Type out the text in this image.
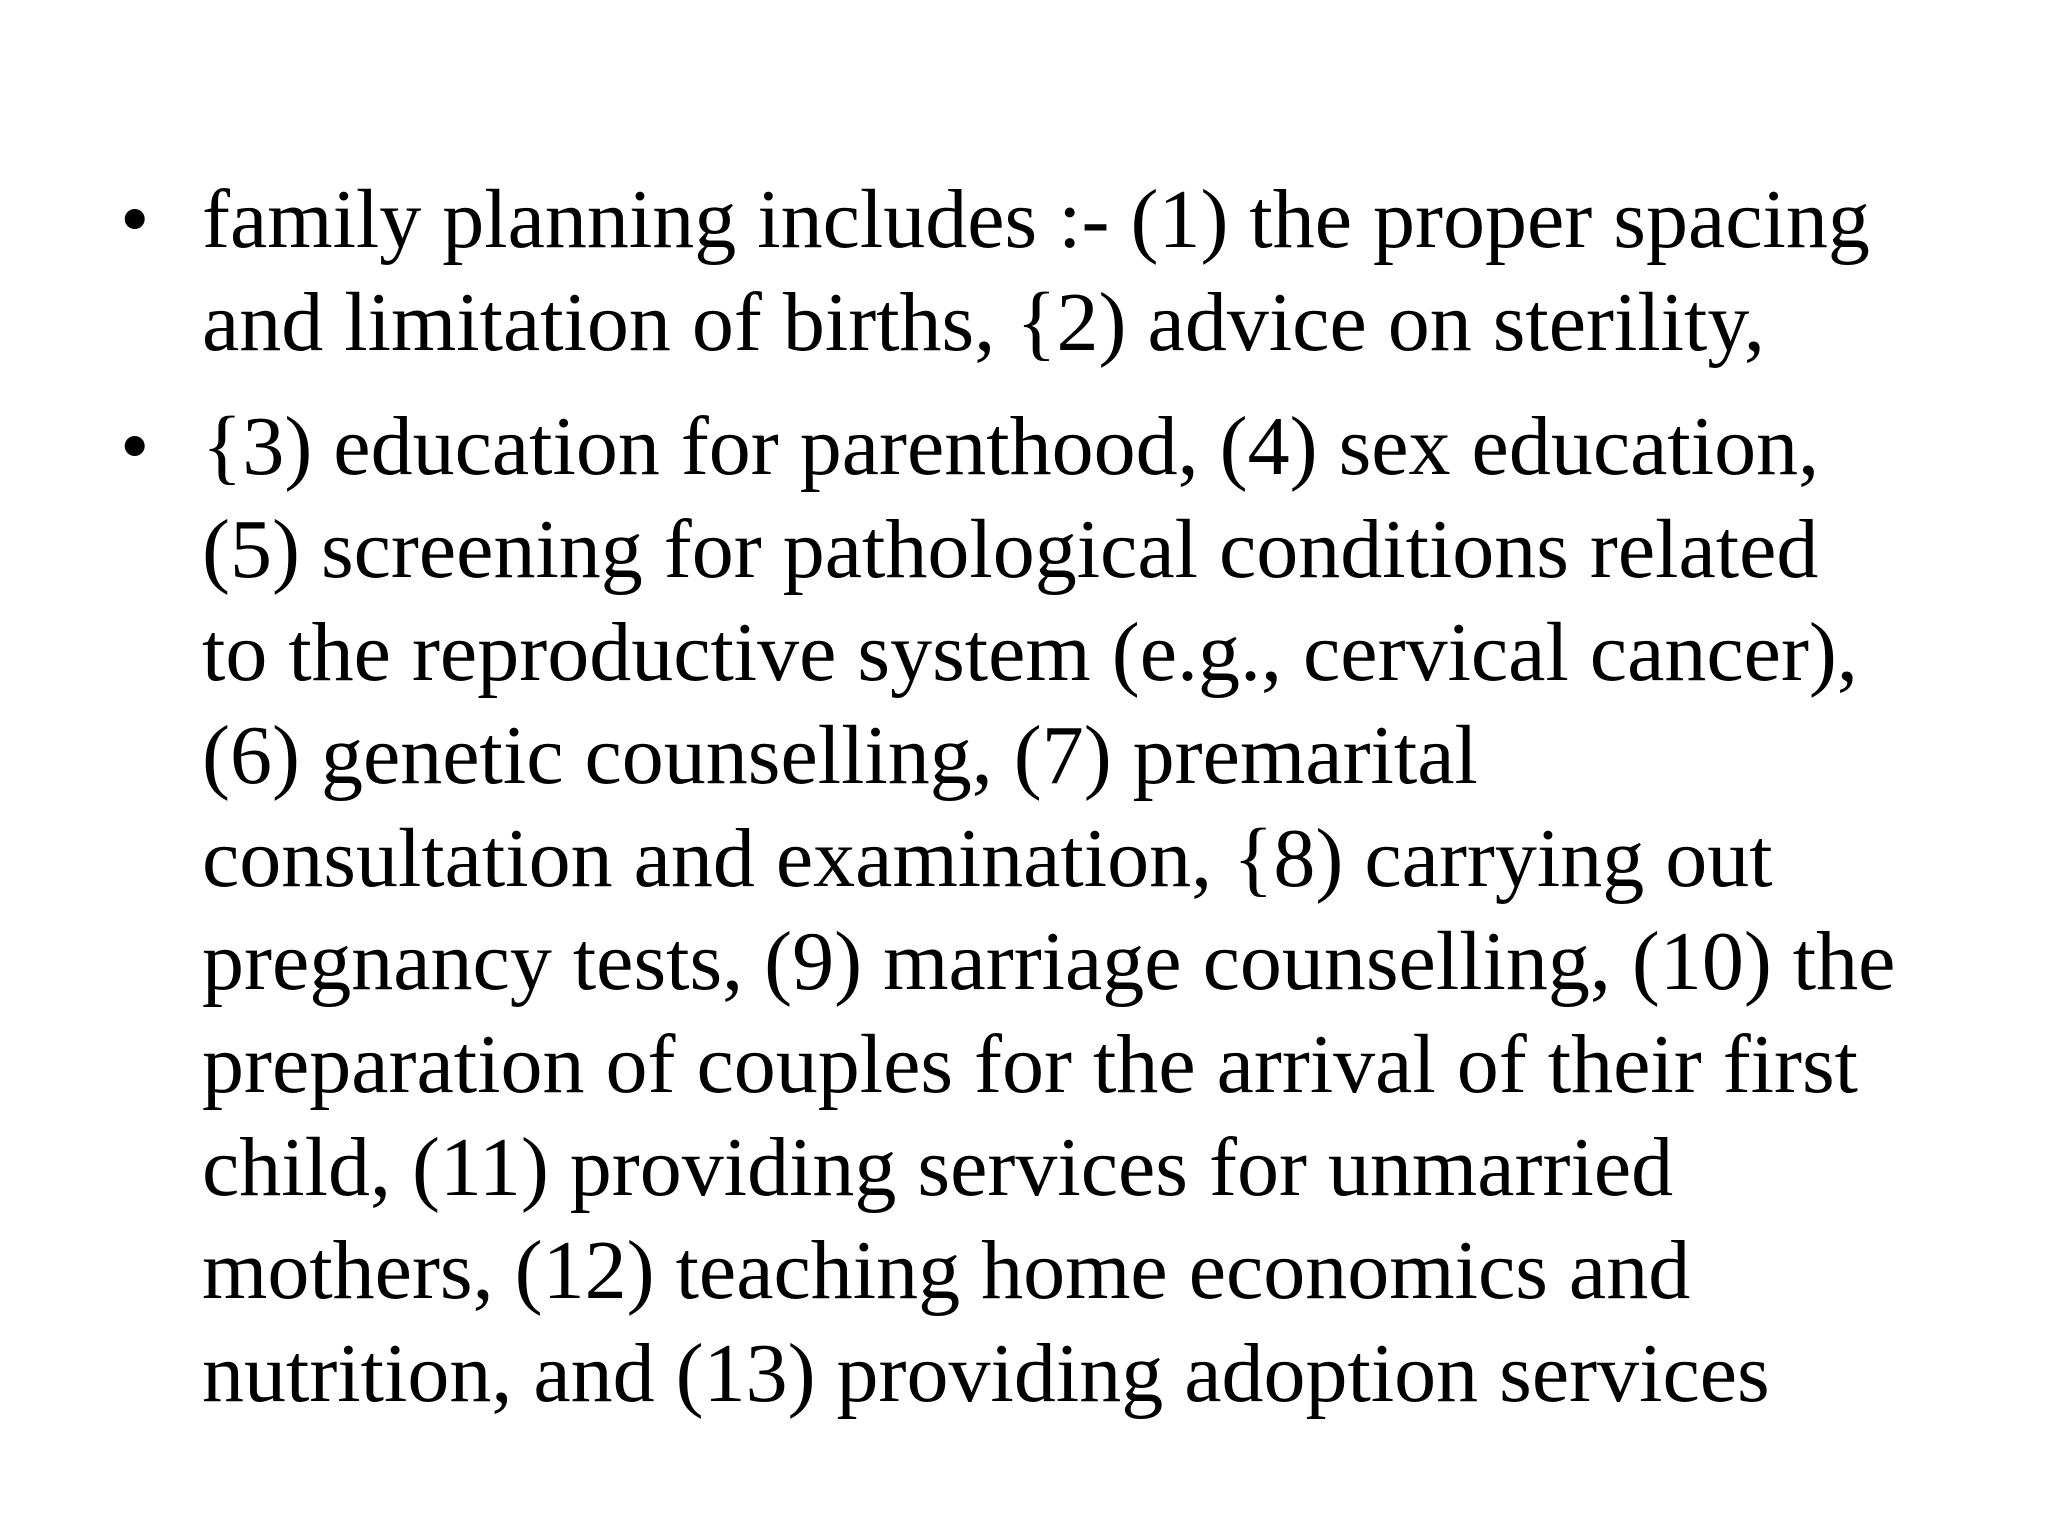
• family planning includes :- (1) the proper spacing
and limitation of births, {2) advice on sterility,
• {3) education for parenthood, (4) sex education,
(5) screening for pathological conditions related
to the reproductive system (e.g., cervical cancer),
(6) genetic counselling, (7) premarital
consultation and examination, {8) carrying out
pregnancy tests, (9) marriage counselling, (10) the
preparation of couples for the arrival of their first
child, (11) providing services for unmarried
mothers, (12) teaching home economics and
nutrition, and (13) providing adoption services
